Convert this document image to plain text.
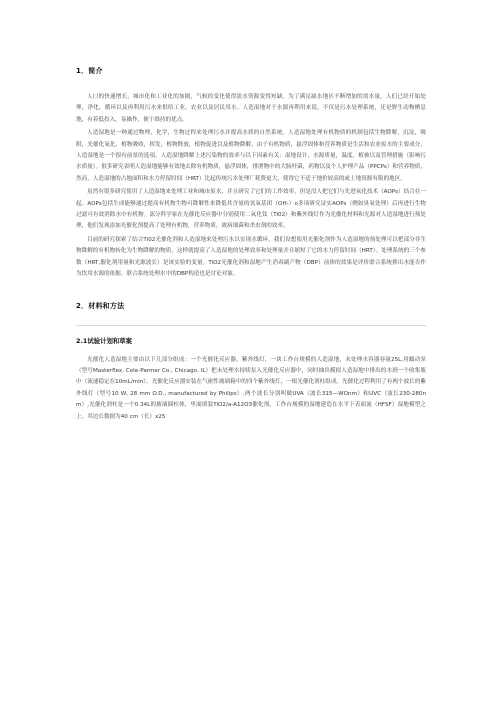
1．简介

人口的快速增长，城市化和工业化的加剧，气候的变化使得淡水资源变得短缺。为了满足缺水地区不断增加的需水量，人们已经开始处理，净化，循环以及再利用污水来供给工业，农业以及居民用水。人造湿地对于水源再利用来说，不仅是污水处理系统，还是野生动物栖息地，有着低投入，易操作，便于维持的优点。

人造湿地是一种通过物理，化学，生物过程来处理污水并提高水质的自然系统。人造湿地处理有机物质的机制包括生物降解，沉淀，吸附，光催化氧化，植物吸收，挥发，植物释放，植物促进以及植物降解。由于有机物质，悬浮固体和营养物质是生活和农业废水的主要成分，人造湿地是一个很有前景的选项。人造湿地降解上述污染物的效率与以下因素有关：湿地设计，水源质量，温度，植被以及管理措施（影响污水质量）。很多研究表明人造湿地能够有效地去除有机物质，悬浮固体，排泄物中的大肠杆菌，药物以及个人护理产品（PPCPs）和营养物质。然而，人造湿地的占地面积和水力停留时间（HRT）比起传统污水处理厂耗费更大，使得它不适于地价较高的或土地资源有限的地区。

虽然有很多研究使用了人造湿地来处理工业和城市废水，并且研究了它们的工作效率，但是没人把它们与先进氧化技术（AOPs）结合在一起。AOPs包括生成能够通过提高有机物生物可降解性来降低其含量的氢氧基团（OH-）o多项研究证实AOPs（例如臭氧处理）后再进行生物过滤可有效消除水中有机物。部分科学家在光催化反应器中分别使用二氧化钛（Ti02）和紫外线灯作为光催化材料和光源对人造湿地进行预处理，他们发现添加光催化剂提高了处理有机物，营养物质，致病细菌和杀虫剂的效率。

目前的研究探索了结合Ti02光催化剂和人造湿地来处理污水以实现水循环。我们设想使用光催化剂作为人造湿地的预处理可以把部分非生物降解的有机物转化为生物降解的物质，这样就提高了人造湿地的处理效率和处理量并且缩短了它的水力停留时间（HRT）。处理系统的三个参数（HRT,催化剂用量和光源波长）是该实验的变量。TiO2光催化剂和湿地产生消毒副产物（DBP）前体的效果是评价联合系统排出水能否作为饮用水源的依据。联合系统处理水中的DBP构造也是讨论对象。

2．材料和方法
2.1试验计划和草案

光催化人造湿地主要由以下几部分组成：一个光催化反应器，紫外线灯，一块工作台规模的人造湿地，未处理水容器容量25L,用蠕动泵（型号Masterflex, Cole-Parmer Co., Chicago, IL）把未处理水持续泵入光催化反应器中，同时抽出模拟人造湿地中排出的水到一个收集瓶中（流速稳定在10mL/min）。光催化反应器安装在气密性玻璃箱中的四个紫外线灯，一根光催化剂柱组成。光催化过程利用了有两个波长的紫外线灯（型号10 W, 28 mm O.D., manufactured by Philips）,两个波长分别叫做UVA（波长315—WOnm）和UVC（波长230-280nm）,光催化剂柱是一个0.34L的玻璃圆柱体，里面填装TiO2/a-A12O3催化剂。工作台规模的湿地建造在水平下表面流（HFSF）湿地模型之上，其边长数据为40 cm（长）x25
